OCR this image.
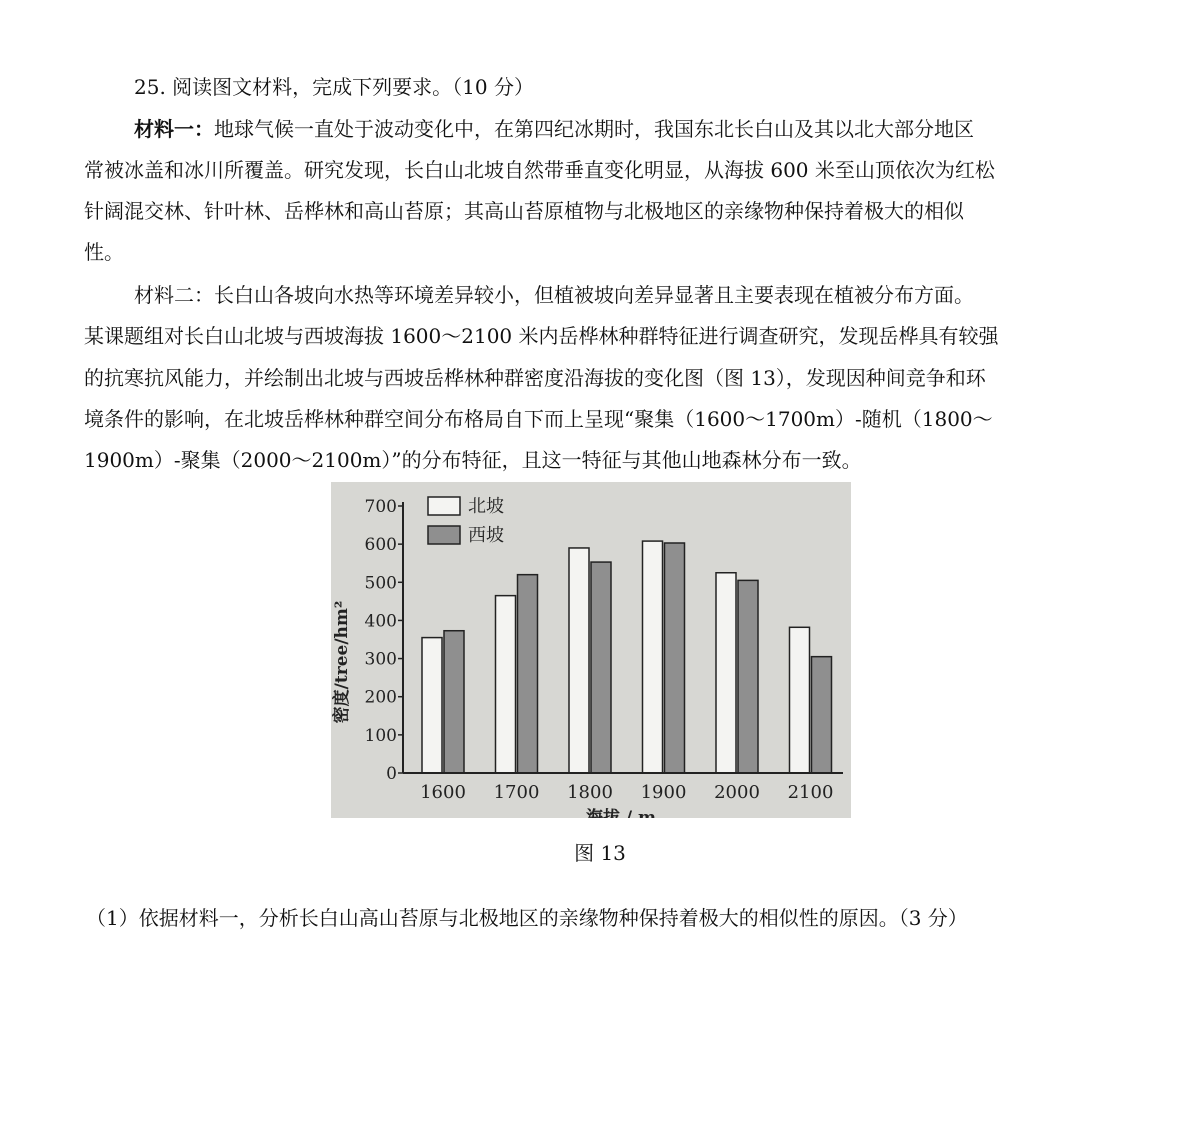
25. 阅读图文材料，完成下列要求。（10 分）
材料一：地球气候一直处于波动变化中，在第四纪冰期时，我国东北长白山及其以北大部分地区
常被冰盖和冰川所覆盖。研究发现，长白山北坡自然带垂直变化明显，从海拔 600 米至山顶依次为红松
针阔混交林、针叶林、岳桦林和高山苔原；其高山苔原植物与北极地区的亲缘物种保持着极大的相似
性。
材料二：长白山各坡向水热等环境差异较小，但植被坡向差异显著且主要表现在植被分布方面。
某课题组对长白山北坡与西坡海拔 1600～2100 米内岳桦林种群特征进行调查研究，发现岳桦具有较强
的抗寒抗风能力，并绘制出北坡与西坡岳桦林种群密度沿海拔的变化图（图 13），发现因种间竞争和环
境条件的影响，在北坡岳桦林种群空间分布格局自下而上呈现“聚集（1600～1700m）-随机（1800～
1900m）-聚集（2000～2100m）”的分布特征，且这一特征与其他山地森林分布一致。
0
100
200
300
400
500
600
700
1600 1700 1800 1900 2000 2100
密度/tree/hm²
海拔 / m
北坡
西坡
图 13
（1）依据材料一，分析长白山高山苔原与北极地区的亲缘物种保持着极大的相似性的原因。（3 分）
